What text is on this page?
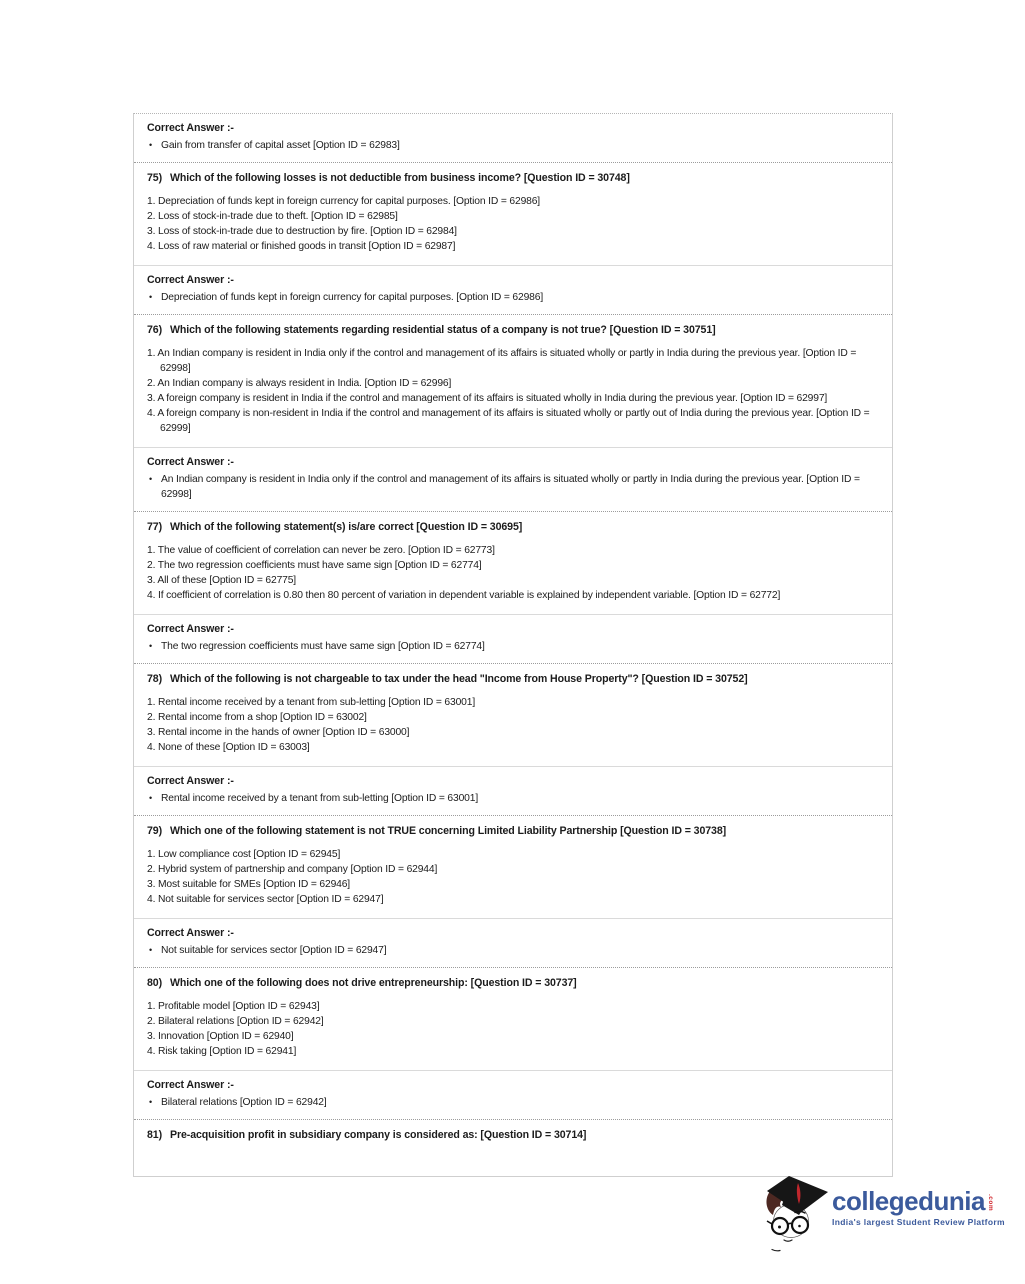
Correct Answer :-

• Gain from transfer of capital asset [Option ID = 62983]

75) Which of the following losses is not deductible from business income? [Question ID = 30748]

1. Depreciation of funds kept in foreign currency for capital purposes. [Option ID = 62986]

2. Loss of stock-in-trade due to theft. [Option ID = 62985]

3. Loss of stock-in-trade due to destruction by fire. [Option ID = 62984]

4. Loss of raw material or finished goods in transit [Option ID = 62987]

Correct Answer :-

• Depreciation of funds kept in foreign currency for capital purposes. [Option ID = 62986]

76) Which of the following statements regarding residential status of a company is not true? [Question ID = 30751]

1. An Indian company is resident in India only if the control and management of its affairs is situated wholly or partly in India during the previous year. [Option ID = 62998]

2. An Indian company is always resident in India. [Option ID = 62996]

3. A foreign company is resident in India if the control and management of its affairs is situated wholly in India during the previous year. [Option ID = 62997]

4. A foreign company is non-resident in India if the control and management of its affairs is situated wholly or partly out of India during the previous year. [Option ID = 62999]

Correct Answer :-

• An Indian company is resident in India only if the control and management of its affairs is situated wholly or partly in India during the previous year. [Option ID = 62998]

77) Which of the following statement(s) is/are correct [Question ID = 30695]

1. The value of coefficient of correlation can never be zero. [Option ID = 62773]

2. The two regression coefficients must have same sign [Option ID = 62774]

3. All of these [Option ID = 62775]

4. If coefficient of correlation is 0.80 then 80 percent of variation in dependent variable is explained by independent variable. [Option ID = 62772]

Correct Answer :-

• The two regression coefficients must have same sign [Option ID = 62774]

78) Which of the following is not chargeable to tax under the head "Income from House Property"? [Question ID = 30752]

1. Rental income received by a tenant from sub-letting [Option ID = 63001]

2. Rental income from a shop [Option ID = 63002]

3. Rental income in the hands of owner [Option ID = 63000]

4. None of these [Option ID = 63003]

Correct Answer :-

• Rental income received by a tenant from sub-letting [Option ID = 63001]

79) Which one of the following statement is not TRUE concerning Limited Liability Partnership [Question ID = 30738]

1. Low compliance cost [Option ID = 62945]

2. Hybrid system of partnership and company [Option ID = 62944]

3. Most suitable for SMEs [Option ID = 62946]

4. Not suitable for services sector [Option ID = 62947]

Correct Answer :-

• Not suitable for services sector [Option ID = 62947]

80) Which one of the following does not drive entrepreneurship: [Question ID = 30737]

1. Profitable model [Option ID = 62943]

2. Bilateral relations [Option ID = 62942]

3. Innovation [Option ID = 62940]

4. Risk taking [Option ID = 62941]

Correct Answer :-

• Bilateral relations [Option ID = 62942]

81) Pre-acquisition profit in subsidiary company is considered as: [Question ID = 30714]
collegedunia .com
India's largest Student Review Platform
